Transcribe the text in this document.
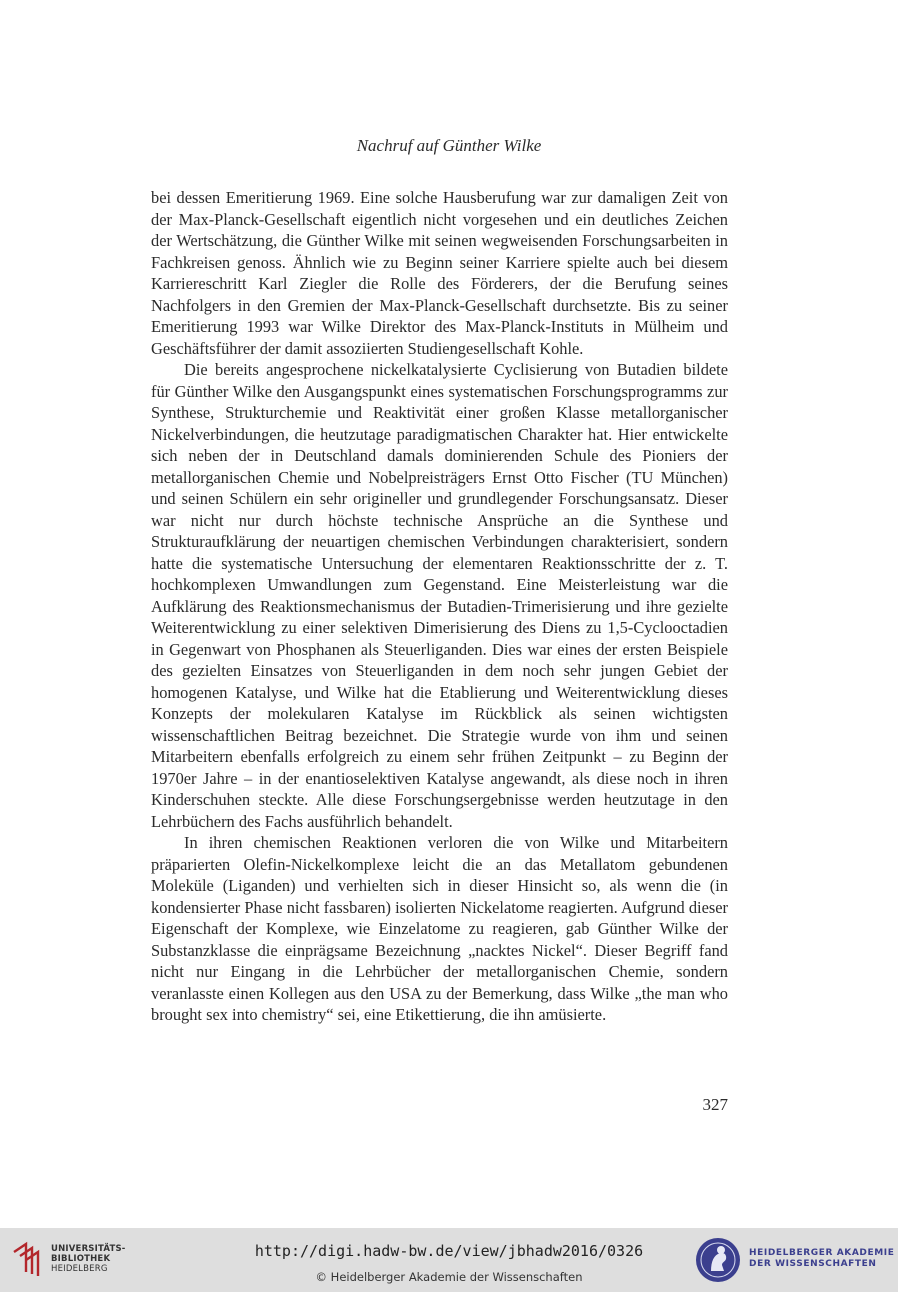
Nachruf auf Günther Wilke

bei dessen Emeritierung 1969. Eine solche Hausberufung war zur damaligen Zeit von der Max-Planck-Gesellschaft eigentlich nicht vorgesehen und ein deutliches Zeichen der Wertschätzung, die Günther Wilke mit seinen wegweisenden Forschungsarbeiten in Fachkreisen genoss. Ähnlich wie zu Beginn seiner Karriere spielte auch bei diesem Karriereschritt Karl Ziegler die Rolle des Förderers, der die Berufung seines Nachfolgers in den Gremien der Max-Planck-Gesellschaft durchsetzte. Bis zu seiner Emeritierung 1993 war Wilke Direktor des Max-Planck-Instituts in Mülheim und Geschäftsführer der damit assoziierten Studiengesellschaft Kohle.

Die bereits angesprochene nickelkatalysierte Cyclisierung von Butadien bildete für Günther Wilke den Ausgangspunkt eines systematischen Forschungsprogramms zur Synthese, Strukturchemie und Reaktivität einer großen Klasse metallorganischer Nickelverbindungen, die heutzutage paradigmatischen Charakter hat. Hier entwickelte sich neben der in Deutschland damals dominierenden Schule des Pioniers der metallorganischen Chemie und Nobelpreisträgers Ernst Otto Fischer (TU München) und seinen Schülern ein sehr origineller und grundlegender Forschungsansatz. Dieser war nicht nur durch höchste technische Ansprüche an die Synthese und Strukturaufklärung der neuartigen chemischen Verbindungen charakterisiert, sondern hatte die systematische Untersuchung der elementaren Reaktionsschritte der z. T. hochkomplexen Umwandlungen zum Gegenstand. Eine Meisterleistung war die Aufklärung des Reaktionsmechanismus der Butadien-Trimerisierung und ihre gezielte Weiterentwicklung zu einer selektiven Dimerisierung des Diens zu 1,5-Cyclooctadien in Gegenwart von Phosphanen als Steuerliganden. Dies war eines der ersten Beispiele des gezielten Einsatzes von Steuerliganden in dem noch sehr jungen Gebiet der homogenen Katalyse, und Wilke hat die Etablierung und Weiterentwicklung dieses Konzepts der molekularen Katalyse im Rückblick als seinen wichtigsten wissenschaftlichen Beitrag bezeichnet. Die Strategie wurde von ihm und seinen Mitarbeitern ebenfalls erfolgreich zu einem sehr frühen Zeitpunkt – zu Beginn der 1970er Jahre – in der enantioselektiven Katalyse angewandt, als diese noch in ihren Kinderschuhen steckte. Alle diese Forschungsergebnisse werden heutzutage in den Lehrbüchern des Fachs ausführlich behandelt.

In ihren chemischen Reaktionen verloren die von Wilke und Mitarbeitern präparierten Olefin-Nickelkomplexe leicht die an das Metallatom gebundenen Moleküle (Liganden) und verhielten sich in dieser Hinsicht so, als wenn die (in kondensierter Phase nicht fassbaren) isolierten Nickelatome reagierten. Aufgrund dieser Eigenschaft der Komplexe, wie Einzelatome zu reagieren, gab Günther Wilke der Substanzklasse die einprägsame Bezeichnung „nacktes Nickel“. Dieser Begriff fand nicht nur Eingang in die Lehrbücher der metallorganischen Chemie, sondern veranlasste einen Kollegen aus den USA zu der Bemerkung, dass Wilke „the man who brought sex into chemistry“ sei, eine Etikettierung, die ihn amüsierte.

327
UNIVERSITÄTS-
BIBLIOTHEK
HEIDELBERG
http://digi.hadw-bw.de/view/jbhadw2016/0326
© Heidelberger Akademie der Wissenschaften
HEIDELBERGER AKADEMIE
DER WISSENSCHAFTEN
